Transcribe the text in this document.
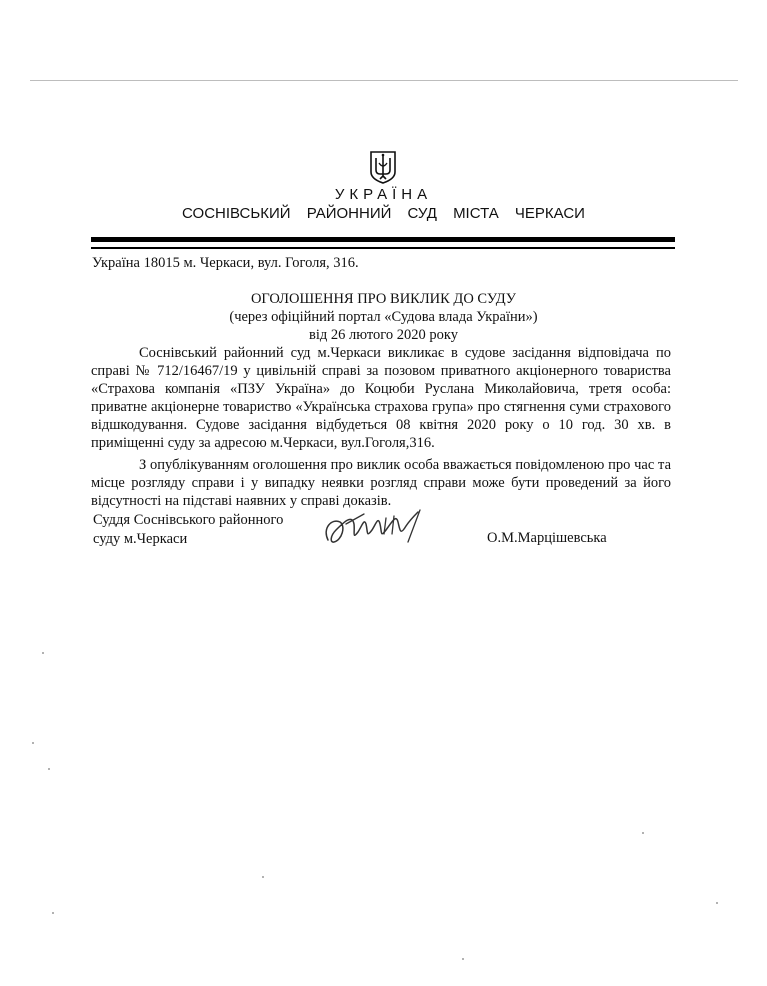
УКРАЇНА
СОСНІВСЬКИЙ РАЙОННИЙ СУД МІСТА ЧЕРКАСИ
Україна 18015 м. Черкаси, вул. Гоголя, 316.
ОГОЛОШЕННЯ ПРО ВИКЛИК ДО СУДУ
(через офіційний портал «Судова влада України»)
від 26 лютого 2020 року

Соснівський районний суд м.Черкаси викликає в судове засідання відповідача по справі № 712/16467/19 у цивільній справі за позовом приватного акціонерного товариства «Страхова компанія «ПЗУ Україна» до Коцюби Руслана Миколайовича, третя особа: приватне акціонерне товариство «Українська страхова група» про стягнення суми страхового відшкодування. Судове засідання відбудеться 08 квітня 2020 року о 10 год. 30 хв. в приміщенні суду за адресою м.Черкаси, вул.Гоголя,316.

З опублікуванням оголошення про виклик особа вважається повідомленою про час та місце розгляду справи і у випадку неявки розгляд справи може бути проведений за його відсутності на підставі наявних у справі доказів.

Суддя Соснівського районного
суду м.Черкаси	О.М.Марцішевська
